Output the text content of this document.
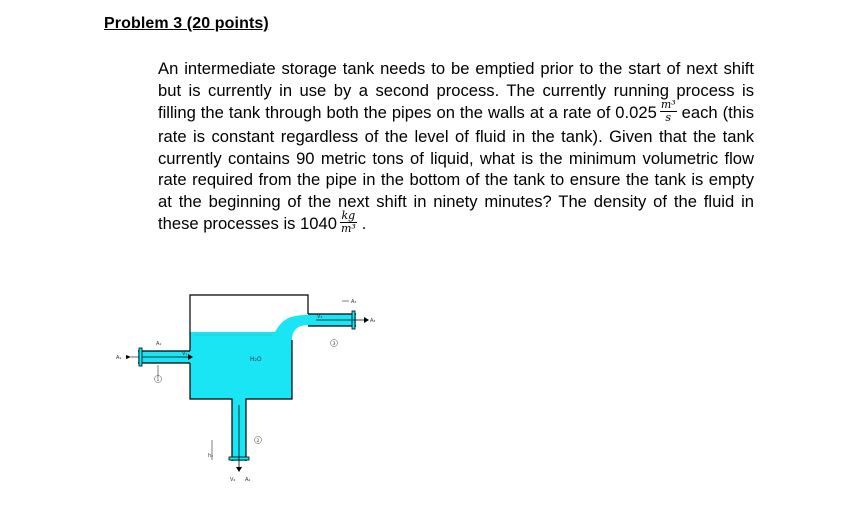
Problem 3 (20 points)
An intermediate storage tank needs to be emptied prior to the start of next shift but is currently in use by a second process. The currently running process is filling the tank through both the pipes on the walls at a rate of $0.025 \frac{\text{m³}}{s}$ each (this rate is constant regardless of the level of fluid in the tank). Given that the tank currently contains 90 metric tons of liquid, what is the minimum volumetric flow rate required from the pipe in the bottom of the tank to ensure the tank is empty at the beginning of the next shift in ninety minutes? The density of the fluid in these processes is $1040 \frac{kg}{\text{m³}}$ .
H₂O
A₁
A₁
V₁
A₃
A₃
V₃
V₂ A₂
h₂
1
2
3
